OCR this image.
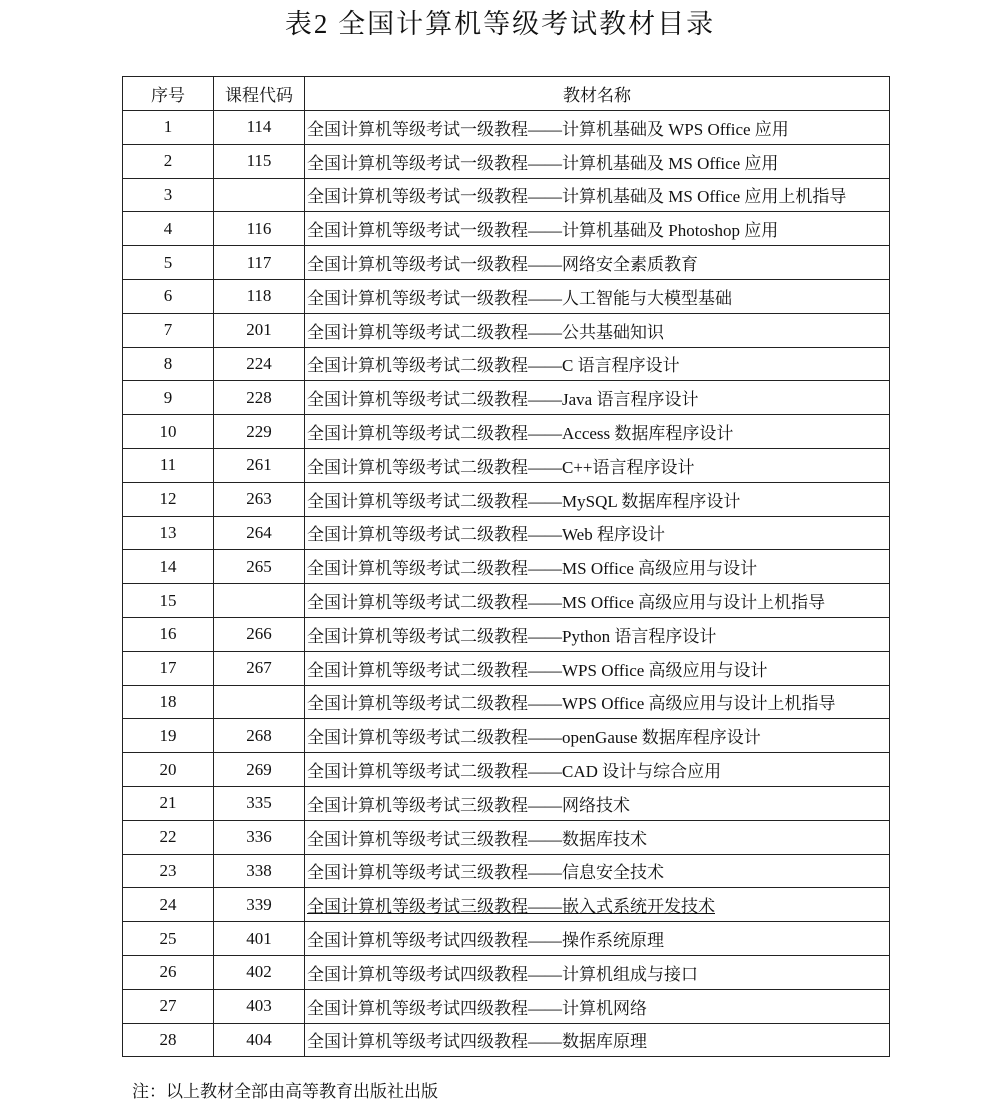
表2 全国计算机等级考试教材目录
序号	课程代码	教材名称
1	114	全国计算机等级考试一级教程——计算机基础及 WPS Office 应用
2	115	全国计算机等级考试一级教程——计算机基础及 MS Office 应用
3		全国计算机等级考试一级教程——计算机基础及 MS Office 应用上机指导
4	116	全国计算机等级考试一级教程——计算机基础及 Photoshop 应用
5	117	全国计算机等级考试一级教程——网络安全素质教育
6	118	全国计算机等级考试一级教程——人工智能与大模型基础
7	201	全国计算机等级考试二级教程——公共基础知识
8	224	全国计算机等级考试二级教程——C 语言程序设计
9	228	全国计算机等级考试二级教程——Java 语言程序设计
10	229	全国计算机等级考试二级教程——Access 数据库程序设计
11	261	全国计算机等级考试二级教程——C++语言程序设计
12	263	全国计算机等级考试二级教程——MySQL 数据库程序设计
13	264	全国计算机等级考试二级教程——Web 程序设计
14	265	全国计算机等级考试二级教程——MS Office 高级应用与设计
15		全国计算机等级考试二级教程——MS Office 高级应用与设计上机指导
16	266	全国计算机等级考试二级教程——Python 语言程序设计
17	267	全国计算机等级考试二级教程——WPS Office 高级应用与设计
18		全国计算机等级考试二级教程——WPS Office 高级应用与设计上机指导
19	268	全国计算机等级考试二级教程——openGause 数据库程序设计
20	269	全国计算机等级考试二级教程——CAD 设计与综合应用
21	335	全国计算机等级考试三级教程——网络技术
22	336	全国计算机等级考试三级教程——数据库技术
23	338	全国计算机等级考试三级教程——信息安全技术
24	339	全国计算机等级考试三级教程——嵌入式系统开发技术
25	401	全国计算机等级考试四级教程——操作系统原理
26	402	全国计算机等级考试四级教程——计算机组成与接口
27	403	全国计算机等级考试四级教程——计算机网络
28	404	全国计算机等级考试四级教程——数据库原理
注：以上教材全部由高等教育出版社出版
